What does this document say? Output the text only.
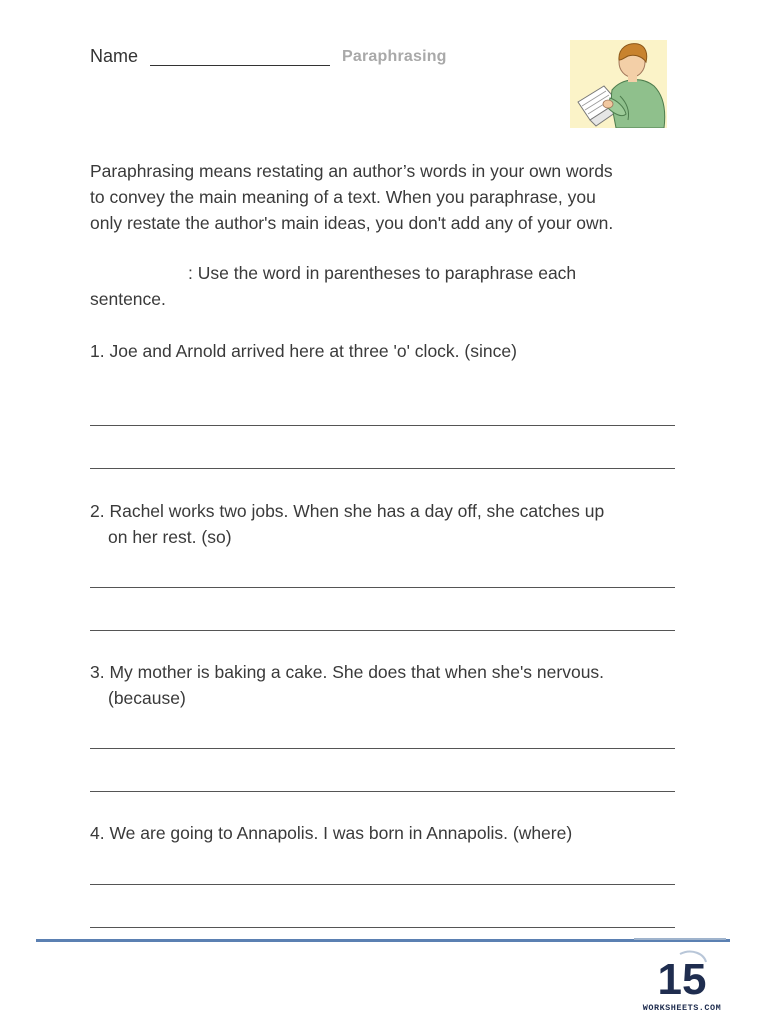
Name	Paraphrasing
Paraphrasing means restating an author’s words in your own words
to convey the main meaning of a text. When you paraphrase, you
only restate the author's main ideas, you don't add any of your own.
: Use the word in parentheses to paraphrase each
sentence.
1. Joe and Arnold arrived here at three 'o' clock. (since)
2. Rachel works two jobs. When she has a day off, she catches up
on her rest. (so)
3. My mother is baking a cake. She does that when she's nervous.
(because)
4. We are going to Annapolis. I was born in Annapolis. (where)
15
WORKSHEETS.COM
